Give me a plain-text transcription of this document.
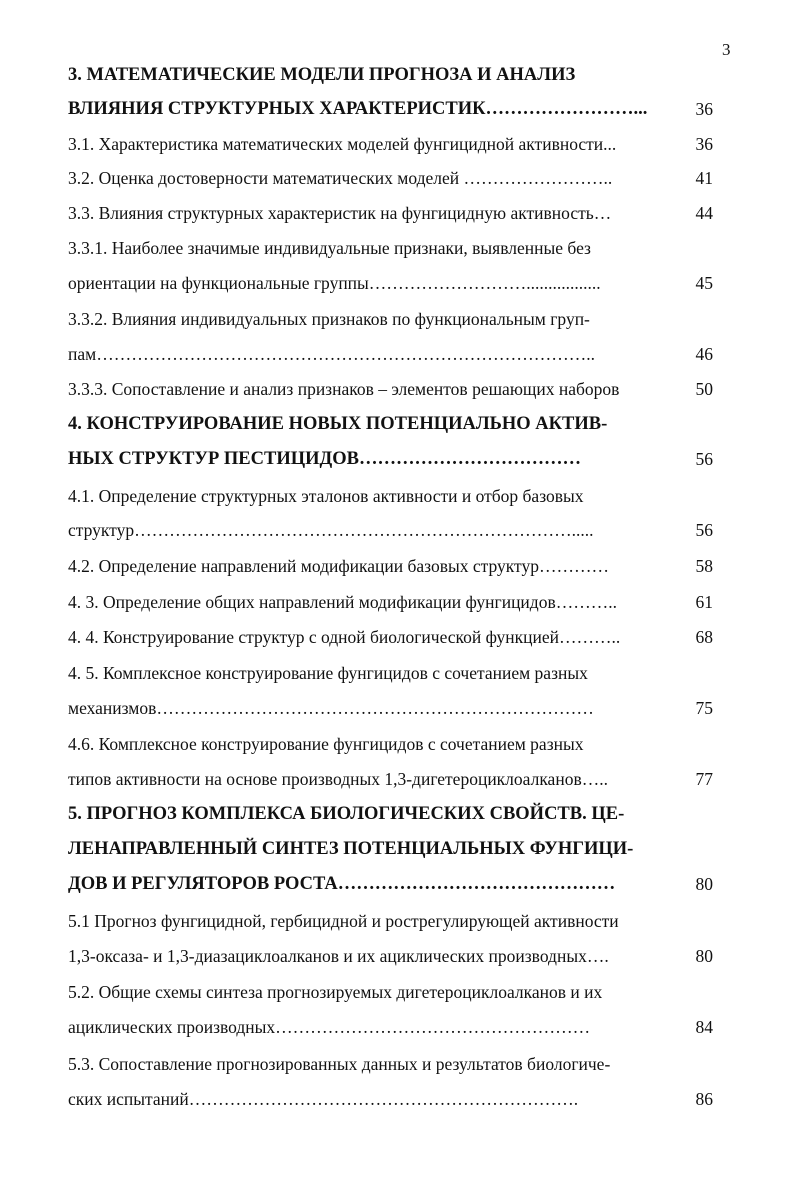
3
3. МАТЕМАТИЧЕСКИЕ МОДЕЛИ ПРОГНОЗА И АНАЛИЗ
ВЛИЯНИЯ СТРУКТУРНЫХ ХАРАКТЕРИСТИК……………………...	36
3.1. Характеристика математических моделей фунгицидной активности...	36
3.2. Оценка достоверности математических моделей ……………………..	41
3.3. Влияния структурных характеристик на фунгицидную активность…	44
3.3.1. Наиболее значимые индивидуальные признаки, выявленные без
ориентации на функциональные группы……………………….................	45
3.3.2. Влияния индивидуальных признаков по функциональным груп-
пам…………………………………………………………………………..	46
3.3.3. Сопоставление и анализ признаков – элементов решающих наборов	50
4. КОНСТРУИРОВАНИЕ НОВЫХ ПОТЕНЦИАЛЬНО АКТИВ-
НЫХ СТРУКТУР ПЕСТИЦИДОВ………………………………	56
4.1. Определение структурных эталонов активности и отбор базовых
структур………………………………………………………………….....	56
4.2. Определение направлений модификации базовых структур…………	58
4. 3. Определение общих направлений модификации фунгицидов………..	61
4. 4. Конструирование структур с одной биологической функцией………..	68
4. 5. Комплексное конструирование фунгицидов с сочетанием разных
механизмов…………………………………………………………………	75
4.6. Комплексное конструирование фунгицидов с сочетанием разных
типов активности на основе производных 1,3-дигетероциклоалканов…..	77
5. ПРОГНОЗ КОМПЛЕКСА БИОЛОГИЧЕСКИХ СВОЙСТВ. ЦЕ-
ЛЕНАПРАВЛЕННЫЙ СИНТЕЗ ПОТЕНЦИАЛЬНЫХ ФУНГИЦИ-
ДОВ И РЕГУЛЯТОРОВ РОСТА………………………………………	80
5.1 Прогноз фунгицидной, гербицидной и рострегулирующей активности
1,3-оксаза- и 1,3-диазациклоалканов и их ациклических производных….	80
5.2. Общие схемы синтеза прогнозируемых дигетероциклоалканов и их
ациклических производных………………………………………………	84
5.3. Сопоставление прогнозированных данных и результатов биологиче-
ских испытаний………………………………………………………….	86
